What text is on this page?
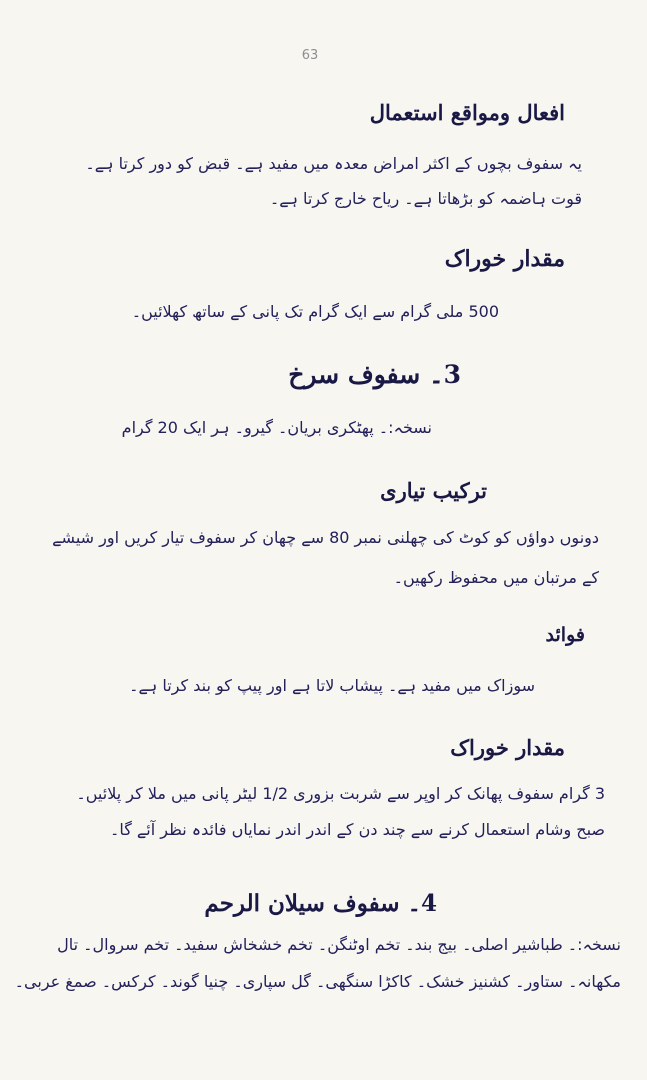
63
افعال ومواقع استعمال
یہ سفوف بچوں کے اکثر امراض معدہ میں مفید ہے۔ قبض کو دور کرتا ہے۔
قوت ہاضمہ کو بڑھاتا ہے۔ ریاح خارج کرتا ہے۔
مقدار خوراک
500 ملی گرام سے ایک گرام تک پانی کے ساتھ کھلائیں۔
3۔ سفوف سرخ
نسخہ:۔ پھٹکری بریان۔ گیرو۔ ہر ایک 20 گرام
ترکیب تیاری
دونوں دواؤں کو کوٹ کی چھلنی نمبر 80 سے چھان کر سفوف تیار کریں اور شیشے
کے مرتبان میں محفوظ رکھیں۔
فوائد
سوزاک میں مفید ہے۔ پیشاب لاتا ہے اور پیپ کو بند کرتا ہے۔
مقدار خوراک
3 گرام سفوف پھانک کر اوپر سے شربت بزوری 1/2 لیٹر پانی میں ملا کر پلائیں۔
صبح وشام استعمال کرنے سے چند دن کے اندر اندر نمایاں فائدہ نظر آئے گا۔
4۔ سفوف سیلان الرحم
نسخہ:۔ طباشیر اصلی۔ بیج بند۔ تخم اوٹنگن۔ تخم خشخاش سفید۔ تخم سروال۔ تال
مکھانہ۔ ستاور۔ کشنیز خشک۔ کاکڑا سنگھی۔ گل سپاری۔ چنیا گوند۔ کرکس۔ صمغ عربی۔
